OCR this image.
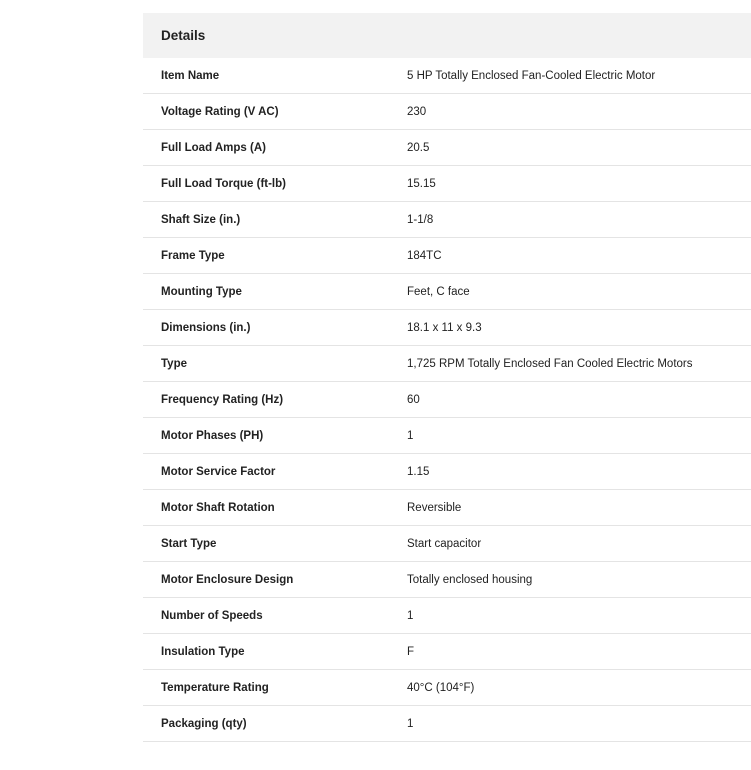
Details
Item Name	5 HP Totally Enclosed Fan-Cooled Electric Motor
Voltage Rating (V AC)	230
Full Load Amps (A)	20.5
Full Load Torque (ft-lb)	15.15
Shaft Size (in.)	1-1/8
Frame Type	184TC
Mounting Type	Feet, C face
Dimensions (in.)	18.1 x 11 x 9.3
Type	1,725 RPM Totally Enclosed Fan Cooled Electric Motors
Frequency Rating (Hz)	60
Motor Phases (PH)	1
Motor Service Factor	1.15
Motor Shaft Rotation	Reversible
Start Type	Start capacitor
Motor Enclosure Design	Totally enclosed housing
Number of Speeds	1
Insulation Type	F
Temperature Rating	40°C (104°F)
Packaging (qty)	1
